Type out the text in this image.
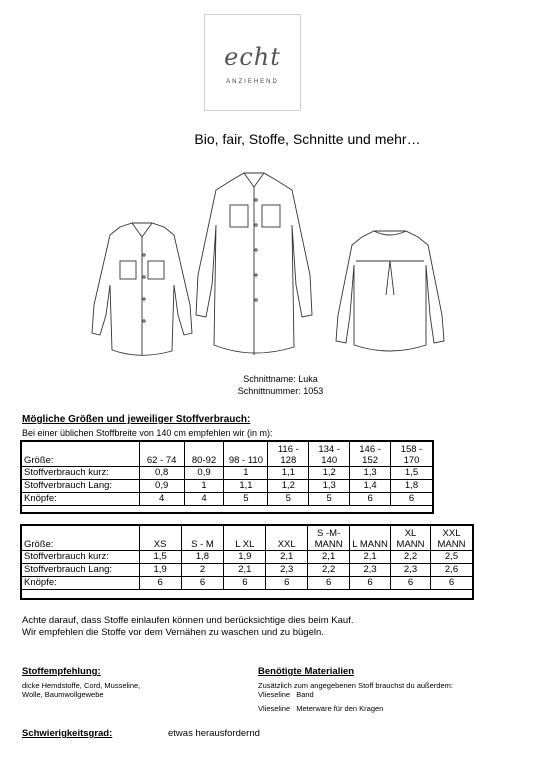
echt
ANZIEHEND
Bio, fair, Stoffe, Schnitte und mehr…
Schnittname: Luka
Schnittnummer: 1053
Mögliche Größen und jeweiliger Stoffverbrauch:
Bei einer üblichen Stoffbreite von 140 cm empfehlen wir (in m):
Größe:	62 - 74	80-92	98 - 110	116 - 128	134 - 140	146 - 152	158 - 170
Stoffverbrauch kurz:	0,8	0,9	1	1,1	1,2	1,3	1,5
Stoffverbrauch Lang:	0,9	1	1,1	1,2	1,3	1,4	1,8
Knöpfe:	4	4	5	5	5	6	6
Größe:	XS	S - M	L XL	XXL	S -M- MANN	L MANN	XL MANN	XXL MANN
Stoffverbrauch kurz:	1,5	1,8	1,9	2,1	2,1	2,1	2,2	2,5
Stoffverbrauch Lang:	1,9	2	2,1	2,3	2,2	2,3	2,3	2,6
Knöpfe:	6	6	6	6	6	6	6	6
Achte darauf, dass Stoffe einlaufen können und berücksichtige dies beim Kauf.
Wir empfehlen die Stoffe vor dem Vernähen zu waschen und zu bügeln.
Stoffempfehlung:
dicke Hemdstoffe, Cord, Musseline,
Wolle, Baumwollgewebe
Benötigte Materialien
Zusätzlich zum angegebenen Stoff brauchst du außerdem:
Vlieseline Band
Vlieseline Meterware für den Kragen
Schwierigkeitsgrad:	etwas herausfordernd
